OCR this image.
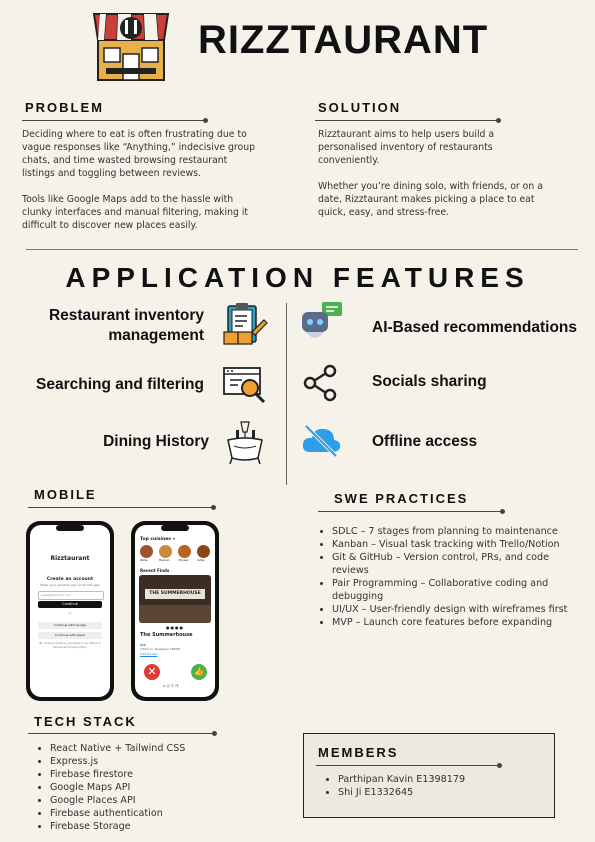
RIZZTAURANT
PROBLEM

Deciding where to eat is often frustrating due to vague responses like “Anything,” indecisive group chats, and time wasted browsing restaurant listings and toggling between reviews.

Tools like Google Maps add to the hassle with clunky interfaces and manual filtering, making it difficult to discover new places easily.

SOLUTION

Rizztaurant aims to help users build a personalised inventory of restaurants conveniently.

Whether you’re dining solo, with friends, or on a date, Rizztaurant makes picking a place to eat quick, easy, and stress-free.

APPLICATION FEATURES
Restaurant inventory management
Searching and filtering
Dining History
AI-Based recommendations
Socials sharing
Offline access
MOBILE
Rizztaurant
Create an account
Enter your email to sign up for this app
email@domain.com
Continue
or
Continue with Google
Continue with Apple
By clicking continue, you agree to our Terms of Service and Privacy Policy
Top cuisines »
Italian	Mexican	Chinese	Indian
Recent Finds
THE SUMMERHOUSE
●●●●
The Summerhouse
$$$
3 Park Ln, Singapore 798387
Visit the site
✕	👍
⌂◎⚲◔
SWE PRACTICES
• SDLC – 7 stages from planning to maintenance
• Kanban – Visual task tracking with Trello/Notion
• Git & GitHub – Version control, PRs, and code reviews
• Pair Programming – Collaborative coding and debugging
• UI/UX – User-friendly design with wireframes first
• MVP – Launch core features before expanding
TECH STACK
• React Native + Tailwind CSS
• Express.js
• Firebase firestore
• Google Maps API
• Google Places API
• Firebase authentication
• Firebase Storage
MEMBERS
• Parthipan Kavin E1398179
• Shi Ji E1332645
